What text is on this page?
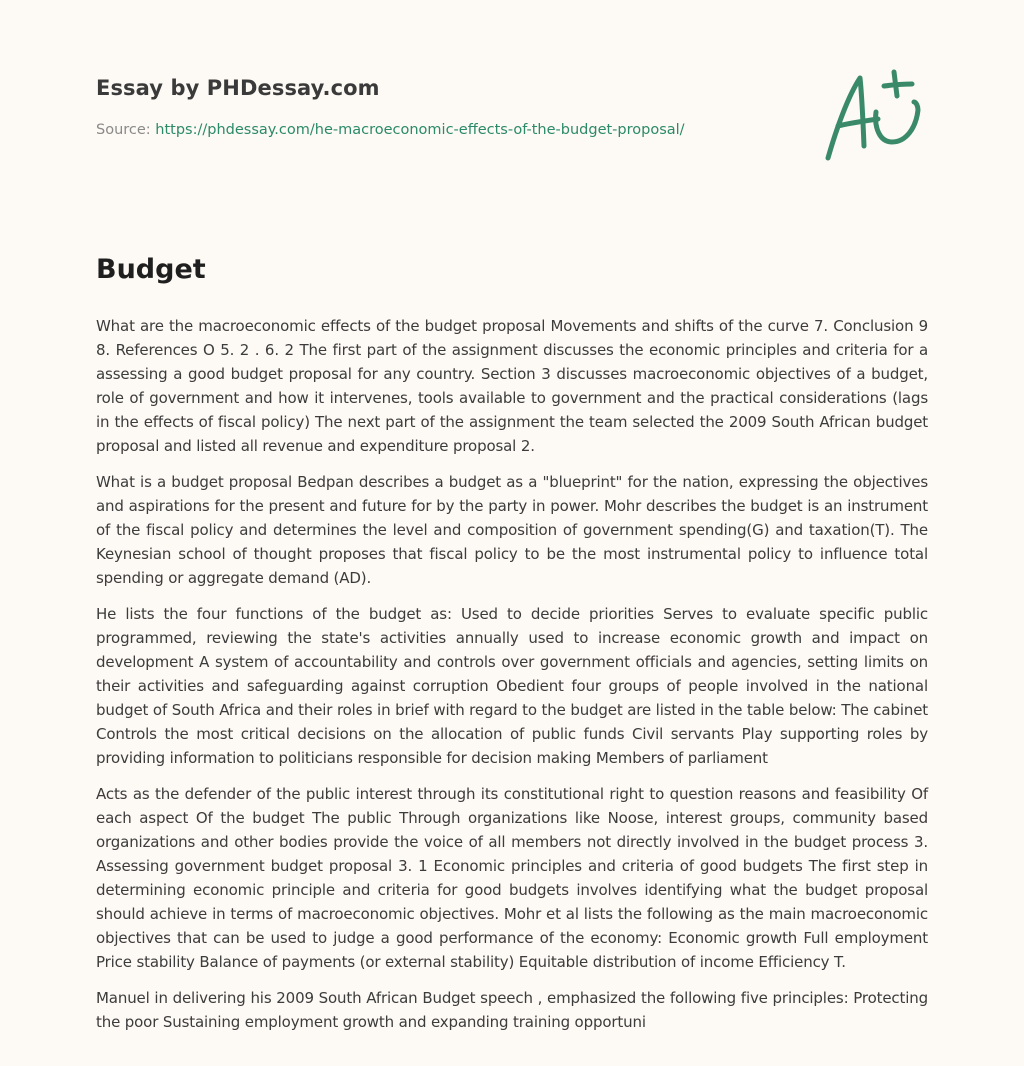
Essay by PHDessay.com
Source: https://phdessay.com/he-macroeconomic-effects-of-the-budget-proposal/
Budget

What are the macroeconomic effects of the budget proposal Movements and shifts of the curve 7. Conclusion 9 8. References O 5. 2 . 6. 2 The first part of the assignment discusses the economic principles and criteria for a assessing a good budget proposal for any country. Section 3 discusses macroeconomic objectives of a budget, role of government and how it intervenes, tools available to government and the practical considerations (lags in the effects of fiscal policy) The next part of the assignment the team selected the 2009 South African budget proposal and listed all revenue and expenditure proposal 2.

What is a budget proposal Bedpan describes a budget as a "blueprint" for the nation, expressing the objectives and aspirations for the present and future for by the party in power. Mohr describes the budget is an instrument of the fiscal policy and determines the level and composition of government spending(G) and taxation(T). The Keynesian school of thought proposes that fiscal policy to be the most instrumental policy to influence total spending or aggregate demand (AD).

He lists the four functions of the budget as: Used to decide priorities Serves to evaluate specific public programmed, reviewing the state's activities annually used to increase economic growth and impact on development A system of accountability and controls over government officials and agencies, setting limits on their activities and safeguarding against corruption Obedient four groups of people involved in the national budget of South Africa and their roles in brief with regard to the budget are listed in the table below: The cabinet Controls the most critical decisions on the allocation of public funds Civil servants Play supporting roles by providing information to politicians responsible for decision making Members of parliament

Acts as the defender of the public interest through its constitutional right to question reasons and feasibility Of each aspect Of the budget The public Through organizations like Noose, interest groups, community based organizations and other bodies provide the voice of all members not directly involved in the budget process 3. Assessing government budget proposal 3. 1 Economic principles and criteria of good budgets The first step in determining economic principle and criteria for good budgets involves identifying what the budget proposal should achieve in terms of macroeconomic objectives. Mohr et al lists the following as the main macroeconomic objectives that can be used to judge a good performance of the economy: Economic growth Full employment Price stability Balance of payments (or external stability) Equitable distribution of income Efficiency T.

Manuel in delivering his 2009 South African Budget speech , emphasized the following five principles: Protecting the poor Sustaining employment growth and expanding training opportuni
